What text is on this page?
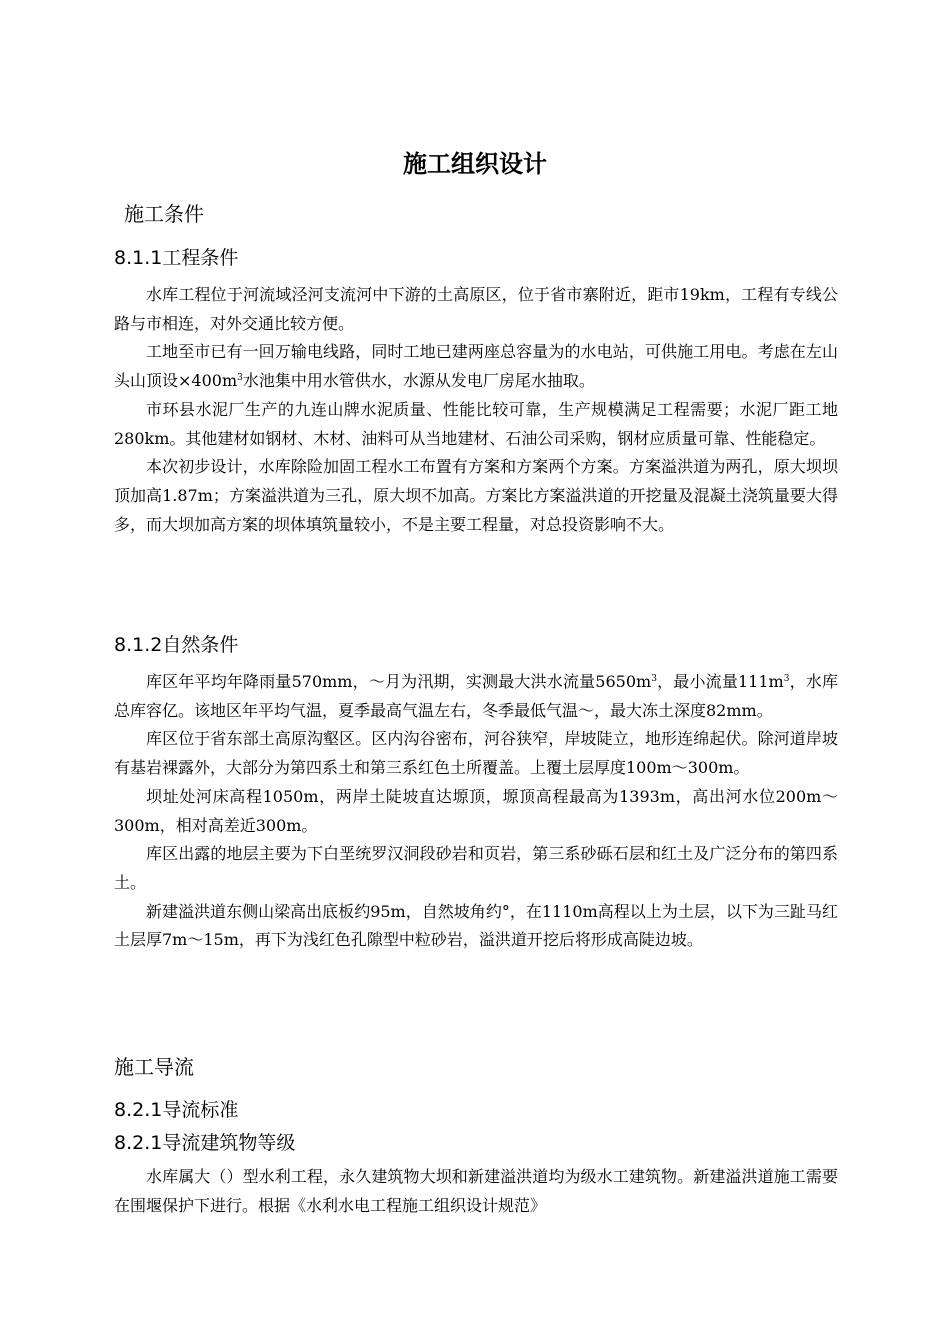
施工组织设计
施工条件
8.1.1工程条件

水库工程位于河流域泾河支流河中下游的土高原区，位于省市寨附近，距市19km，工程有专线公路与市相连，对外交通比较方便。

工地至市已有一回万输电线路，同时工地已建两座总容量为的水电站，可供施工用电。考虑在左山头山顶设$\times 400m^3$水池集中用水管供水，水源从发电厂房尾水抽取。

市环县水泥厂生产的九连山牌水泥质量、性能比较可靠，生产规模满足工程需要；水泥厂距工地280km。其他建材如钢材、木材、油料可从当地建材、石油公司采购，钢材应质量可靠、性能稳定。

本次初步设计，水库除险加固工程水工布置有方案和方案两个方案。方案溢洪道为两孔，原大坝坝顶加高1.87m；方案溢洪道为三孔，原大坝不加高。方案比方案溢洪道的开挖量及混凝土浇筑量要大得多，而大坝加高方案的坝体填筑量较小，不是主要工程量，对总投资影响不大。

8.1.2自然条件

库区年平均年降雨量570mm，～月为汛期，实测最大洪水流量$5650m^3$，最小流量$111m^3$，水库总库容亿。该地区年平均气温，夏季最高气温左右，冬季最低气温～，最大冻土深度82mm。

库区位于省东部土高原沟壑区。区内沟谷密布，河谷狭窄，岸坡陡立，地形连绵起伏。除河道岸坡有基岩裸露外，大部分为第四系土和第三系红色土所覆盖。上覆土层厚度100m～300m。

坝址处河床高程1050m，两岸土陡坡直达塬顶，塬顶高程最高为1393m，高出河水位200m～300m，相对高差近300m。

库区出露的地层主要为下白垩统罗汉洞段砂岩和页岩，第三系砂砾石层和红土及广泛分布的第四系土。

新建溢洪道东侧山梁高出底板约95m，自然坡角约°，在1110m高程以上为土层，以下为三趾马红土层厚7m～15m，再下为浅红色孔隙型中粒砂岩，溢洪道开挖后将形成高陡边坡。

施工导流
8.2.1导流标准
8.2.1导流建筑物等级

水库属大（）型水利工程，永久建筑物大坝和新建溢洪道均为级水工建筑物。新建溢洪道施工需要在围堰保护下进行。根据《水利水电工程施工组织设计规范》
